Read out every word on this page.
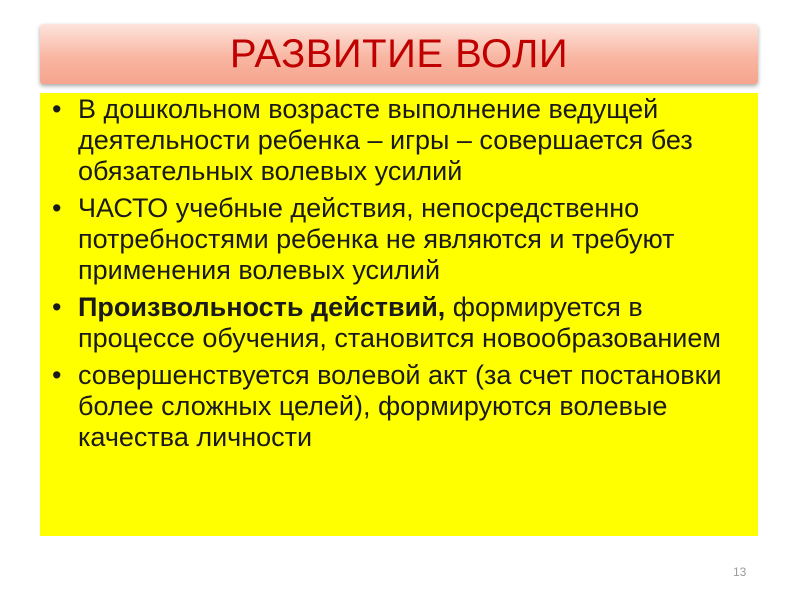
РАЗВИТИЕ ВОЛИ
• В дошкольном возрасте выполнение ведущей деятельности ребенка – игры – совершается без обязательных волевых усилий
• ЧАСТО учебные действия, непосредственно потребностями ребенка не являются и требуют применения волевых усилий
• Произвольность действий, формируется в процессе обучения, становится новообразованием
• совершенствуется волевой акт (за счет постановки более сложных целей), формируются волевые качества личности
13
